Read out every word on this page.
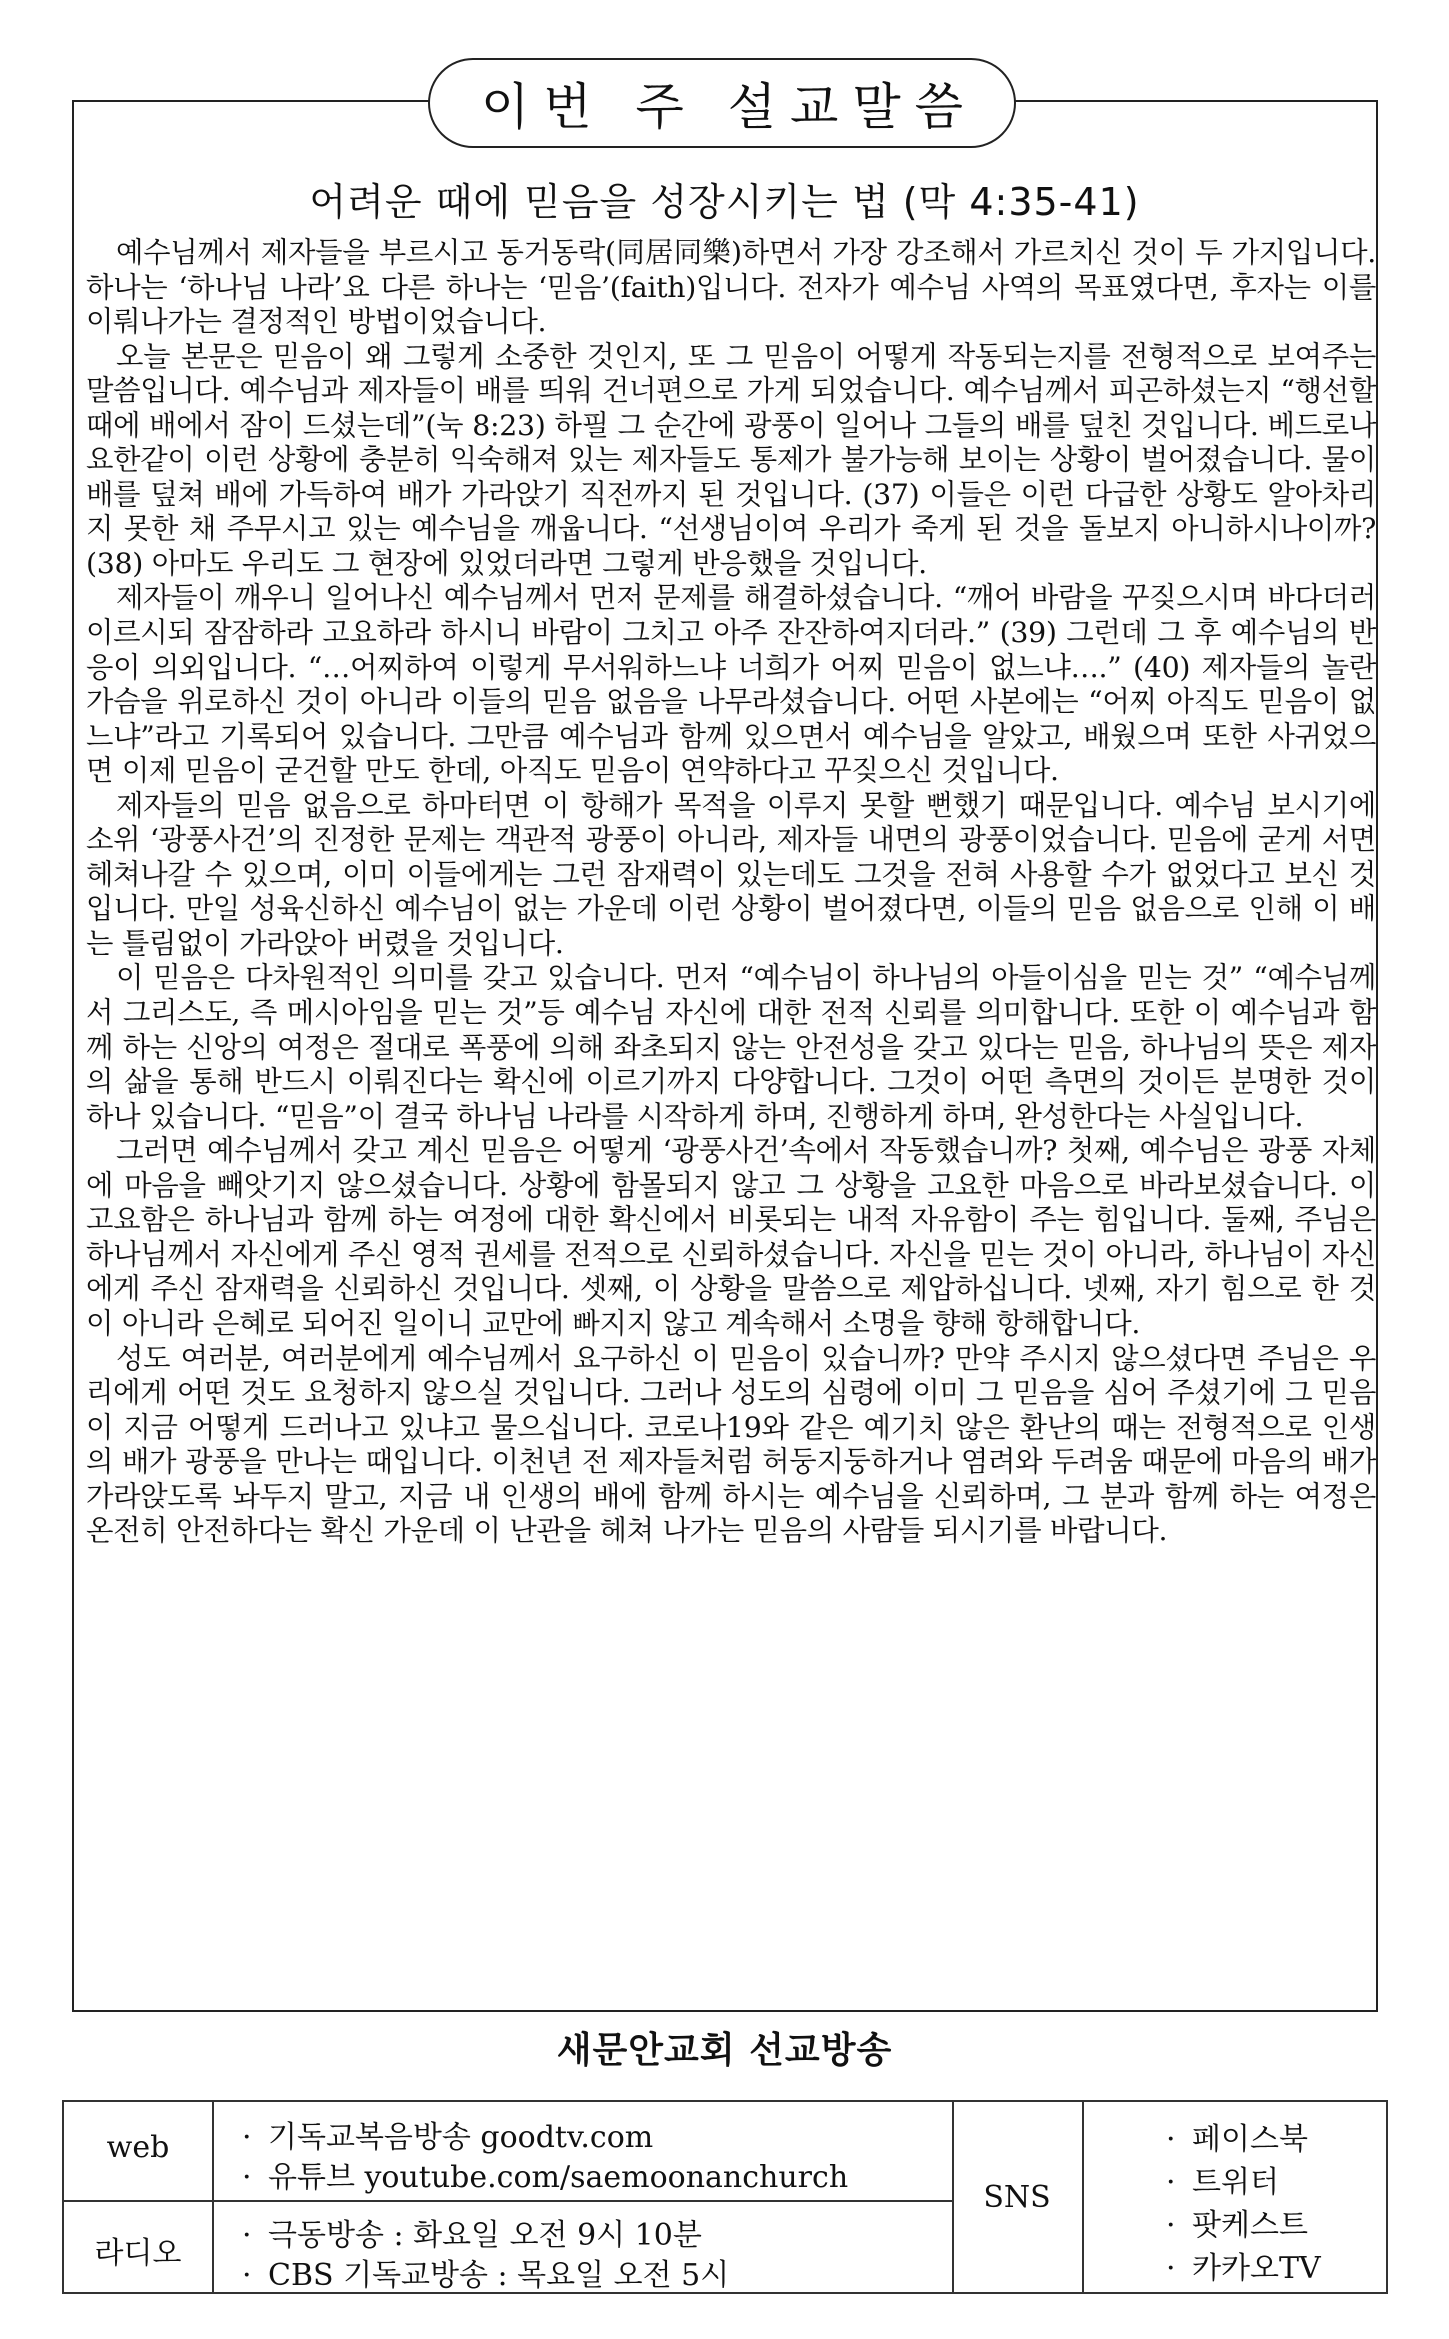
이번 주 설교말씀
어려운 때에 믿음을 성장시키는 법 (막 4:35-41)

예수님께서 제자들을 부르시고 동거동락(同居同樂)하면서 가장 강조해서 가르치신 것이 두 가지입니다. 하나는 ‘하나님 나라’요 다른 하나는 ‘믿음’(faith)입니다. 전자가 예수님 사역의 목표였다면, 후자는 이를 이뤄나가는 결정적인 방법이었습니다.

오늘 본문은 믿음이 왜 그렇게 소중한 것인지, 또 그 믿음이 어떻게 작동되는지를 전형적으로 보여주는 말씀입니다. 예수님과 제자들이 배를 띄워 건너편으로 가게 되었습니다. 예수님께서 피곤하셨는지 “행선할 때에 배에서 잠이 드셨는데”(눅 8:23) 하필 그 순간에 광풍이 일어나 그들의 배를 덮친 것입니다. 베드로나 요한같이 이런 상황에 충분히 익숙해져 있는 제자들도 통제가 불가능해 보이는 상황이 벌어졌습니다. 물이 배를 덮쳐 배에 가득하여 배가 가라앉기 직전까지 된 것입니다. (37) 이들은 이런 다급한 상황도 알아차리지 못한 채 주무시고 있는 예수님을 깨웁니다. “선생님이여 우리가 죽게 된 것을 돌보지 아니하시나이까? (38) 아마도 우리도 그 현장에 있었더라면 그렇게 반응했을 것입니다.

제자들이 깨우니 일어나신 예수님께서 먼저 문제를 해결하셨습니다. “깨어 바람을 꾸짖으시며 바다더러 이르시되 잠잠하라 고요하라 하시니 바람이 그치고 아주 잔잔하여지더라.” (39) 그런데 그 후 예수님의 반응이 의외입니다. “…어찌하여 이렇게 무서워하느냐 너희가 어찌 믿음이 없느냐….” (40) 제자들의 놀란 가슴을 위로하신 것이 아니라 이들의 믿음 없음을 나무라셨습니다. 어떤 사본에는 “어찌 아직도 믿음이 없느냐”라고 기록되어 있습니다. 그만큼 예수님과 함께 있으면서 예수님을 알았고, 배웠으며 또한 사귀었으면 이제 믿음이 굳건할 만도 한데, 아직도 믿음이 연약하다고 꾸짖으신 것입니다.

제자들의 믿음 없음으로 하마터면 이 항해가 목적을 이루지 못할 뻔했기 때문입니다. 예수님 보시기에 소위 ‘광풍사건’의 진정한 문제는 객관적 광풍이 아니라, 제자들 내면의 광풍이었습니다. 믿음에 굳게 서면 헤쳐나갈 수 있으며, 이미 이들에게는 그런 잠재력이 있는데도 그것을 전혀 사용할 수가 없었다고 보신 것입니다. 만일 성육신하신 예수님이 없는 가운데 이런 상황이 벌어졌다면, 이들의 믿음 없음으로 인해 이 배는 틀림없이 가라앉아 버렸을 것입니다.

이 믿음은 다차원적인 의미를 갖고 있습니다. 먼저 “예수님이 하나님의 아들이심을 믿는 것” “예수님께서 그리스도, 즉 메시아임을 믿는 것”등 예수님 자신에 대한 전적 신뢰를 의미합니다. 또한 이 예수님과 함께 하는 신앙의 여정은 절대로 폭풍에 의해 좌초되지 않는 안전성을 갖고 있다는 믿음, 하나님의 뜻은 제자의 삶을 통해 반드시 이뤄진다는 확신에 이르기까지 다양합니다. 그것이 어떤 측면의 것이든 분명한 것이 하나 있습니다. “믿음”이 결국 하나님 나라를 시작하게 하며, 진행하게 하며, 완성한다는 사실입니다.

그러면 예수님께서 갖고 계신 믿음은 어떻게 ‘광풍사건’속에서 작동했습니까? 첫째, 예수님은 광풍 자체에 마음을 빼앗기지 않으셨습니다. 상황에 함몰되지 않고 그 상황을 고요한 마음으로 바라보셨습니다. 이 고요함은 하나님과 함께 하는 여정에 대한 확신에서 비롯되는 내적 자유함이 주는 힘입니다. 둘째, 주님은 하나님께서 자신에게 주신 영적 권세를 전적으로 신뢰하셨습니다. 자신을 믿는 것이 아니라, 하나님이 자신에게 주신 잠재력을 신뢰하신 것입니다. 셋째, 이 상황을 말씀으로 제압하십니다. 넷째, 자기 힘으로 한 것이 아니라 은혜로 되어진 일이니 교만에 빠지지 않고 계속해서 소명을 향해 항해합니다.

성도 여러분, 여러분에게 예수님께서 요구하신 이 믿음이 있습니까? 만약 주시지 않으셨다면 주님은 우리에게 어떤 것도 요청하지 않으실 것입니다. 그러나 성도의 심령에 이미 그 믿음을 심어 주셨기에 그 믿음이 지금 어떻게 드러나고 있냐고 물으십니다. 코로나19와 같은 예기치 않은 환난의 때는 전형적으로 인생의 배가 광풍을 만나는 때입니다. 이천년 전 제자들처럼 허둥지둥하거나 염려와 두려움 때문에 마음의 배가 가라앉도록 놔두지 말고, 지금 내 인생의 배에 함께 하시는 예수님을 신뢰하며, 그 분과 함께 하는 여정은 온전히 안전하다는 확신 가운데 이 난관을 헤쳐 나가는 믿음의 사람들 되시기를 바랍니다.

새문안교회 선교방송
web	· 기독교복음방송 goodtv.com
· 유튜브 youtube.com/saemoonanchurch
라디오
· 극동방송 : 화요일 오전 9시 10분
· CBS 기독교방송 : 목요일 오전 5시
SNS
· 페이스북
· 트위터
· 팟케스트
· 카카오TV
